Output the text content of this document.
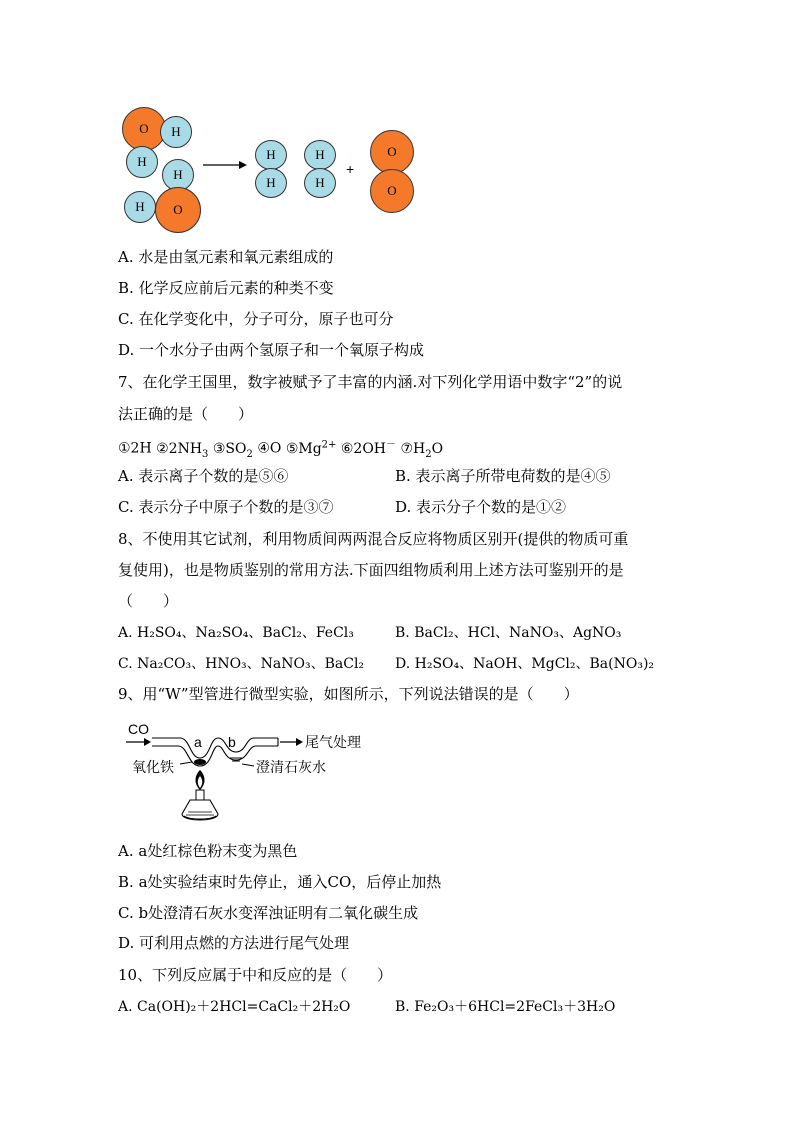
O	H
H
H
H	O
H
H
H
H
+
O
O
A. 水是由氢元素和氧元素组成的
B. 化学反应前后元素的种类不变
C. 在化学变化中，分子可分，原子也可分
D. 一个水分子由两个氢原子和一个氧原子构成
7、在化学王国里，数字被赋予了丰富的内涵.对下列化学用语中数字“2”的说
法正确的是（　　）
①2H $②2NH_3$ $③SO_2$ ④O $⑤Mg^{2+}$ ⑥2OH－ $⑦H_2O$
A. 表示离子个数的是⑤⑥	B. 表示离子所带电荷数的是④⑤
C. 表示分子中原子个数的是③⑦	D. 表示分子个数的是①②
8、不使用其它试剂，利用物质间两两混合反应将物质区别开(提供的物质可重
复使用)，也是物质鉴别的常用方法.下面四组物质利用上述方法可鉴别开的是
（　　）
A. H₂SO₄、Na₂SO₄、BaCl₂、FeCl₃	B. BaCl₂、HCl、NaNO₃、AgNO₃
C. Na₂CO₃、HNO₃、NaNO₃、BaCl₂ D. H₂SO₄、NaOH、MgCl₂、Ba(NO₃)₂
9、用“W”型管进行微型实验，如图所示，下列说法错误的是（　　）
CO
a b	尾气处理
氧化铁	澄清石灰水
A. a处红棕色粉末变为黑色
B. a处实验结束时先停止，通入CO，后停止加热
C. b处澄清石灰水变浑浊证明有二氧化碳生成
D. 可利用点燃的方法进行尾气处理
10、下列反应属于中和反应的是（　　）
A. Ca(OH)₂＋2HCl=CaCl₂＋2H₂O	B. Fe₂O₃＋6HCl=2FeCl₃＋3H₂O
